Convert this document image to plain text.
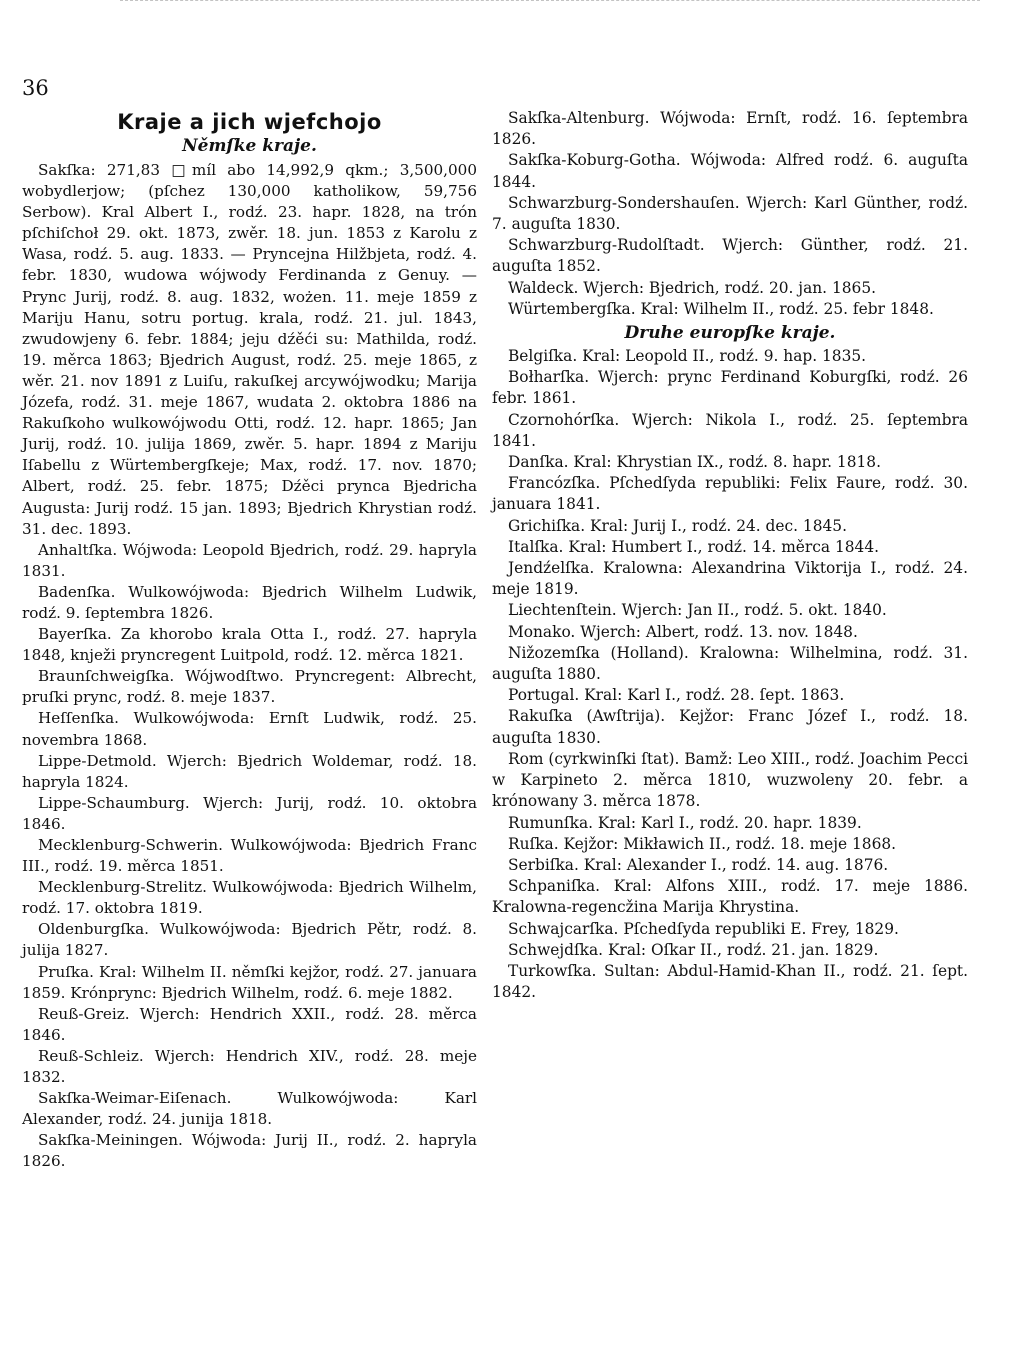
36
Kraje a jich wjefchojo
Němſke kraje.

Sakſka: 271,83 □míl abo 14,992,9 qkm.; 3,500,000 wobydlerjow; (pſchez 130,000 katholikow, 59,756 Serbow). Kral Albert I., rodź. 23. hapr. 1828, na trón pſchiſchoł 29. okt. 1873, zwěr. 18. jun. 1853 z Karolu z Wasa, rodź. 5. aug. 1833. — Pryncejna Hilžbjeta, rodź. 4. febr. 1830, wudowa wójwody Ferdinanda z Genuy. — Prync Jurij, rodź. 8. aug. 1832, wożen. 11. meje 1859 z Mariju Hanu, sotru portug. krala, rodź. 21. jul. 1843, zwudowjeny 6. febr. 1884; jeju dźěći su: Mathilda, rodź. 19. měrca 1863; Bjedrich August, rodź. 25. meje 1865, z wěr. 21. nov 1891 z Luiſu, rakuſkej arcywójwodku; Marija Józefa, rodź. 31. meje 1867, wudata 2. oktobra 1886 na Rakuſkoho wulkowójwodu Otti, rodź. 12. hapr. 1865; Jan Jurij, rodź. 10. julija 1869, zwěr. 5. hapr. 1894 z Mariju Iſabellu z Würtembergſkeje; Max, rodź. 17. nov. 1870; Albert, rodź. 25. febr. 1875; Dźěci prynca Bjedricha Augusta: Jurij rodź. 15 jan. 1893; Bjedrich Khrystian rodź. 31. dec. 1893.

Anhaltſka. Wójwoda: Leopold Bjedrich, rodź. 29. hapryla 1831.

Badenſka. Wulkowójwoda: Bjedrich Wilhelm Ludwik, rodź. 9. ſeptembra 1826.

Bayerſka. Za khorobo krala Otta I., rodź. 27. hapryla 1848, knježi pryncregent Luitpold, rodź. 12. měrca 1821.

Braunſchweigſka. Wójwodſtwo. Pryncregent: Albrecht, pruſki prync, rodź. 8. meje 1837.

Heſſenſka. Wulkowójwoda: Ernſt Ludwik, rodź. 25. novembra 1868.

Lippe-Detmold. Wjerch: Bjedrich Woldemar, rodź. 18. hapryla 1824.

Lippe-Schaumburg. Wjerch: Jurij, rodź. 10. oktobra 1846.

Mecklenburg-Schwerin. Wulkowójwoda: Bjedrich Franc III., rodź. 19. měrca 1851.

Mecklenburg-Strelitz. Wulkowójwoda: Bjedrich Wilhelm, rodź. 17. oktobra 1819.

Oldenburgſka. Wulkowójwoda: Bjedrich Pětr, rodź. 8. julija 1827.

Pruſka. Kral: Wilhelm II. němſki kejžor, rodź. 27. januara 1859. Krónprync: Bjedrich Wilhelm, rodź. 6. meje 1882.

Reuß-Greiz. Wjerch: Hendrich XXII., rodź. 28. měrca 1846.

Reuß-Schleiz. Wjerch: Hendrich XIV., rodź. 28. meje 1832.

Sakſka-Weimar-Eiſenach. Wulkowójwoda: Karl Alexander, rodź. 24. junija 1818.

Sakſka-Meiningen. Wójwoda: Jurij II., rodź. 2. hapryla 1826.

Sakſka-Altenburg. Wójwoda: Ernſt, rodź. 16. ſeptembra 1826.

Sakſka-Koburg-Gotha. Wójwoda: Alfred rodź. 6. auguſta 1844.

Schwarzburg-Sondershauſen. Wjerch: Karl Günther, rodź. 7. auguſta 1830.

Schwarzburg-Rudolſtadt. Wjerch: Günther, rodź. 21. auguſta 1852.

Waldeck. Wjerch: Bjedrich, rodź. 20. jan. 1865.

Würtembergſka. Kral: Wilhelm II., rodź. 25. febr 1848.

Druhe europſke kraje.

Belgiſka. Kral: Leopold II., rodź. 9. hap. 1835.

Bołharſka. Wjerch: prync Ferdinand Koburgſki, rodź. 26 febr. 1861.

Czornohórſka. Wjerch: Nikola I., rodź. 25. ſeptembra 1841.

Danſka. Kral: Khrystian IX., rodź. 8. hapr. 1818.

Francózſka. Pſchedſyda republiki: Felix Faure, rodź. 30. januara 1841.

Grichiſka. Kral: Jurij I., rodź. 24. dec. 1845.

Italſka. Kral: Humbert I., rodź. 14. měrca 1844.

Jendźelſka. Kralowna: Alexandrina Viktorija I., rodź. 24. meje 1819.

Liechtenſtein. Wjerch: Jan II., rodź. 5. okt. 1840.

Monako. Wjerch: Albert, rodź. 13. nov. 1848.

Nižozemſka (Holland). Kralowna: Wilhelmina, rodź. 31. auguſta 1880.

Portugal. Kral: Karl I., rodź. 28. ſept. 1863.

Rakuſka (Awſtrija). Kejžor: Franc Józef I., rodź. 18. auguſta 1830.

Rom (cyrkwinſki ſtat). Bamž: Leo XIII., rodź. Joachim Pecci w Karpineto 2. měrca 1810, wuzwoleny 20. febr. a krónowany 3. měrca 1878.

Rumunſka. Kral: Karl I., rodź. 20. hapr. 1839.

Ruſka. Kejžor: Mikławich II., rodź. 18. meje 1868.

Serbiſka. Kral: Alexander I., rodź. 14. aug. 1876.

Schpaniſka. Kral: Alfons XIII., rodź. 17. meje 1886. Kralowna-regencžina Marija Khrystina.

Schwajcarſka. Pſchedſyda republiki E. Frey, 1829.

Schwejdſka. Kral: Oſkar II., rodź. 21. jan. 1829.

Turkowſka. Sultan: Abdul-Hamid-Khan II., rodź. 21. ſept. 1842.
